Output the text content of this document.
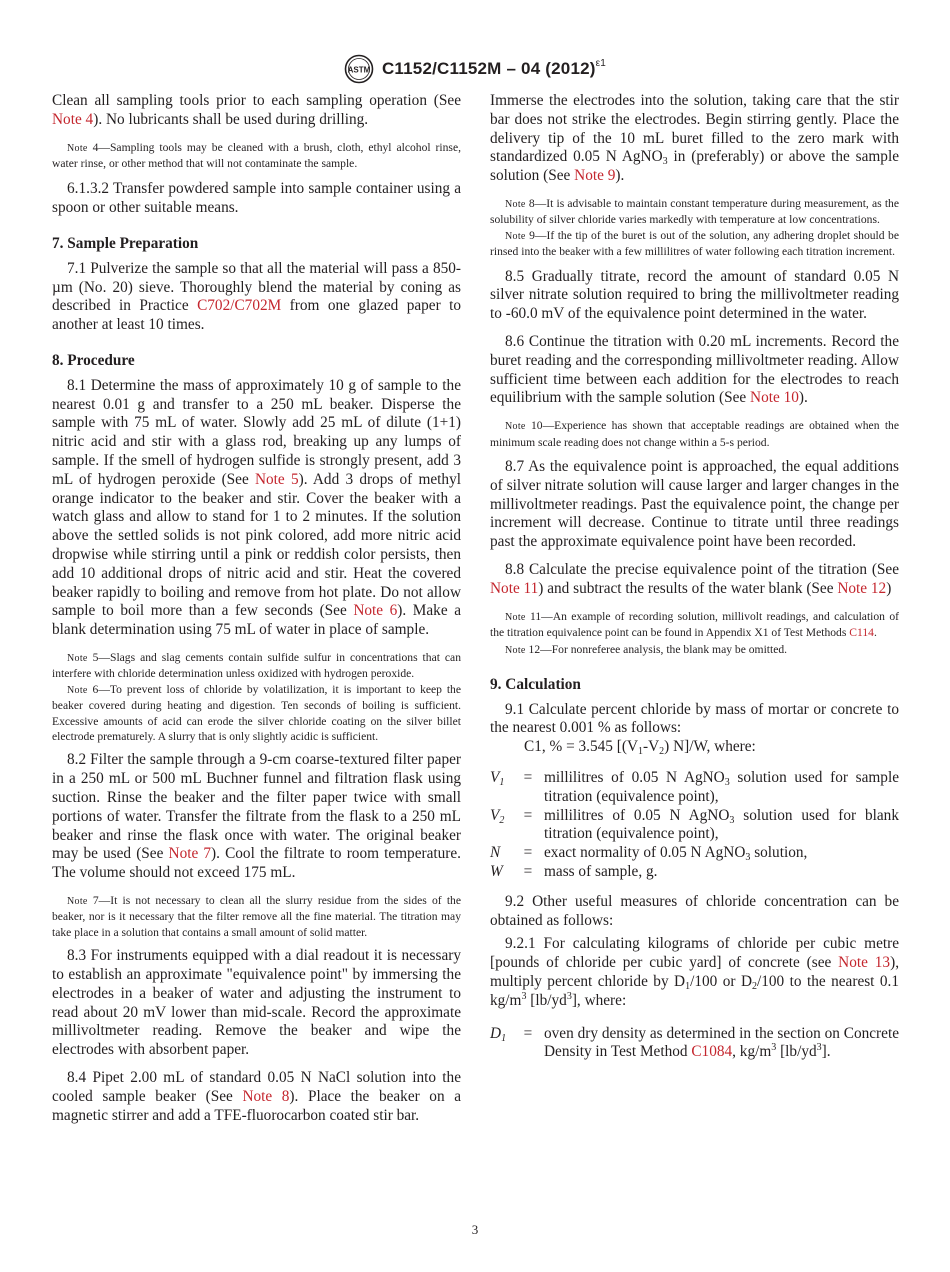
ASTM C1152/C1152M – 04 $(2012)^{\varepsilon 1}$

Clean all sampling tools prior to each sampling operation (See Note 4). No lubricants shall be used during drilling.

Note 4—Sampling tools may be cleaned with a brush, cloth, ethyl alcohol rinse, water rinse, or other method that will not contaminate the sample.

6.1.3.2 Transfer powdered sample into sample container using a spoon or other suitable means.

7. Sample Preparation

7.1 Pulverize the sample so that all the material will pass a 850-µm (No. 20) sieve. Thoroughly blend the material by coning as described in Practice C702/C702M from one glazed paper to another at least 10 times.

8. Procedure

8.1 Determine the mass of approximately 10 g of sample to the nearest 0.01 g and transfer to a 250 mL beaker. Disperse the sample with 75 mL of water. Slowly add 25 mL of dilute (1+1) nitric acid and stir with a glass rod, breaking up any lumps of sample. If the smell of hydrogen sulfide is strongly present, add 3 mL of hydrogen peroxide (See Note 5). Add 3 drops of methyl orange indicator to the beaker and stir. Cover the beaker with a watch glass and allow to stand for 1 to 2 minutes. If the solution above the settled solids is not pink colored, add more nitric acid dropwise while stirring until a pink or reddish color persists, then add 10 additional drops of nitric acid and stir. Heat the covered beaker rapidly to boiling and remove from hot plate. Do not allow sample to boil more than a few seconds (See Note 6). Make a blank determination using 75 mL of water in place of sample.

Note 5—Slags and slag cements contain sulfide sulfur in concentrations that can interfere with chloride determination unless oxidized with hydrogen peroxide.

Note 6—To prevent loss of chloride by volatilization, it is important to keep the beaker covered during heating and digestion. Ten seconds of boiling is sufficient. Excessive amounts of acid can erode the silver chloride coating on the silver billet electrode prematurely. A slurry that is only slightly acidic is sufficient.

8.2 Filter the sample through a 9-cm coarse-textured filter paper in a 250 mL or 500 mL Buchner funnel and filtration flask using suction. Rinse the beaker and the filter paper twice with small portions of water. Transfer the filtrate from the flask to a 250 mL beaker and rinse the flask once with water. The original beaker may be used (See Note 7). Cool the filtrate to room temperature. The volume should not exceed 175 mL.

Note 7—It is not necessary to clean all the slurry residue from the sides of the beaker, nor is it necessary that the filter remove all the fine material. The titration may take place in a solution that contains a small amount of solid matter.

8.3 For instruments equipped with a dial readout it is necessary to establish an approximate "equivalence point" by immersing the electrodes in a beaker of water and adjusting the instrument to read about 20 mV lower than mid-scale. Record the approximate millivoltmeter reading. Remove the beaker and wipe the electrodes with absorbent paper.

8.4 Pipet 2.00 mL of standard 0.05 N NaCl solution into the cooled sample beaker (See Note 8). Place the beaker on a magnetic stirrer and add a TFE-fluorocarbon coated stir bar.

Immerse the electrodes into the solution, taking care that the stir bar does not strike the electrodes. Begin stirring gently. Place the delivery tip of the 10 mL buret filled to the zero mark with standardized 0.05 N AgNO$_3$ in (preferably) or above the sample solution (See Note 9).

Note 8—It is advisable to maintain constant temperature during measurement, as the solubility of silver chloride varies markedly with temperature at low concentrations.

Note 9—If the tip of the buret is out of the solution, any adhering droplet should be rinsed into the beaker with a few millilitres of water following each titration increment.

8.5 Gradually titrate, record the amount of standard 0.05 N silver nitrate solution required to bring the millivoltmeter reading to -60.0 mV of the equivalence point determined in the water.

8.6 Continue the titration with 0.20 mL increments. Record the buret reading and the corresponding millivoltmeter reading. Allow sufficient time between each addition for the electrodes to reach equilibrium with the sample solution (See Note 10).

Note 10—Experience has shown that acceptable readings are obtained when the minimum scale reading does not change within a 5-s period.

8.7 As the equivalence point is approached, the equal additions of silver nitrate solution will cause larger and larger changes in the millivoltmeter readings. Past the equivalence point, the change per increment will decrease. Continue to titrate until three readings past the approximate equivalence point have been recorded.

8.8 Calculate the precise equivalence point of the titration (See Note 11) and subtract the results of the water blank (See Note 12)

Note 11—An example of recording solution, millivolt readings, and calculation of the titration equivalence point can be found in Appendix X1 of Test Methods C114.

Note 12—For nonreferee analysis, the blank may be omitted.

9. Calculation

9.1 Calculate percent chloride by mass of mortar or concrete to the nearest 0.001 % as follows:

C1, % = 3.545 [$(V_1-V_2)$ N]/W, where:

$V_1$	=	millilitres of 0.05 N AgNO$_3$ solution used for sample titration (equivalence point),
$V_2$	=	millilitres of 0.05 N AgNO$_3$ solution used for blank titration (equivalence point),
N	=	exact normality of 0.05 N AgNO$_3$ solution,
W	=	mass of sample, g.

9.2 Other useful measures of chloride concentration can be obtained as follows:

9.2.1 For calculating kilograms of chloride per cubic metre [pounds of chloride per cubic yard] of concrete (see Note 13), multiply percent chloride by $D_1/100$ or $D_2/100$ to the nearest 0.1 $kg/m^3$ $[lb/yd^3]$, where:

$D_1$	=	oven dry density as determined in the section on Concrete Density in Test Method C1084, $kg/m^3$ $[lb/yd^3]$.
3
